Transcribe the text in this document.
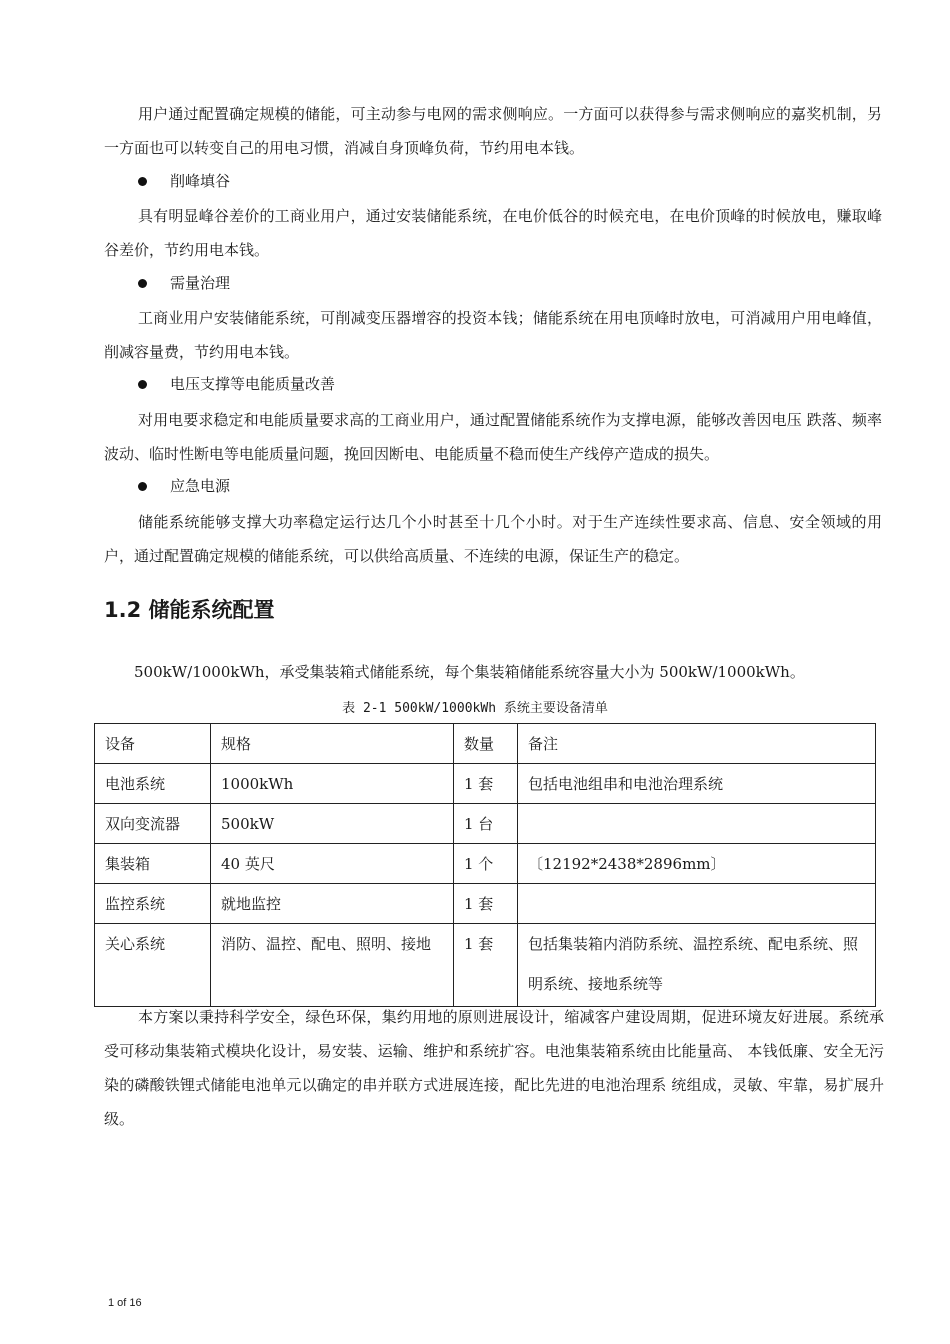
用户通过配置确定规模的储能，可主动参与电网的需求侧响应。一方面可以获得参与需求侧响应的嘉奖机制，另一方面也可以转变自己的用电习惯，消减自身顶峰负荷，节约用电本钱。

削峰填谷

具有明显峰谷差价的工商业用户，通过安装储能系统，在电价低谷的时候充电，在电价顶峰的时候放电，赚取峰谷差价，节约用电本钱。

需量治理

工商业用户安装储能系统，可削减变压器增容的投资本钱；储能系统在用电顶峰时放电，可消减用户用电峰值，削减容量费，节约用电本钱。

电压支撑等电能质量改善

对用电要求稳定和电能质量要求高的工商业用户，通过配置储能系统作为支撑电源，能够改善因电压 跌落、频率波动、临时性断电等电能质量问题，挽回因断电、电能质量不稳而使生产线停产造成的损失。

应急电源

储能系统能够支撑大功率稳定运行达几个小时甚至十几个小时。对于生产连续性要求高、信息、安全领域的用户，通过配置确定规模的储能系统，可以供给高质量、不连续的电源，保证生产的稳定。

1.2 储能系统配置

500kW/1000kWh，承受集装箱式储能系统，每个集装箱储能系统容量大小为 500kW/1000kWh。

表 2-1 500kW/1000kWh 系统主要设备清单
设备	规格	数量	备注
电池系统	1000kWh	1 套	包括电池组串和电池治理系统
双向变流器	500kW	1 台	
集装箱	40 英尺	1 个	〔12192*2438*2896mm〕
监控系统	就地监控	1 套	
关心系统	消防、温控、配电、照明、接地	1 套	包括集装箱内消防系统、温控系统、配电系统、照明系统、接地系统等

本方案以秉持科学安全，绿色环保，集约用地的原则进展设计，缩减客户建设周期，促进环境友好进展。系统承受可移动集装箱式模块化设计，易安装、运输、维护和系统扩容。电池集装箱系统由比能量高、 本钱低廉、安全无污染的磷酸铁锂式储能电池单元以确定的串并联方式进展连接，配比先进的电池治理系 统组成，灵敏、牢靠，易扩展升级。

1 of 16
